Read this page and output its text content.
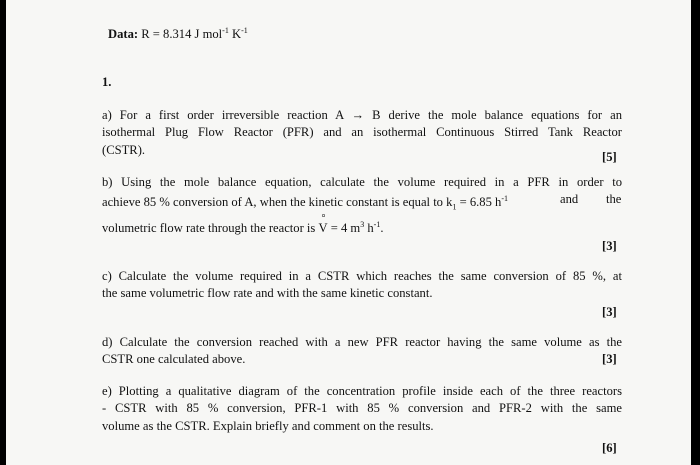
Data: R = 8.314 J mol$^{-1}$ $K^{-1}$
1.
a) For a first order irreversible reaction A → B derive the mole balance equations for an
isothermal Plug Flow Reactor (PFR) and an isothermal Continuous Stirred Tank Reactor
(CSTR).	[5]
b) Using the mole balance equation, calculate the volume required in a PFR in order to
achieve 85 % conversion of A, when the kinetic constant is equal to $k_1 = 6.85$ $h^{-1}$	and the
volumetric flow rate through the reactor is ° V = 4 $m^3$ $h^{-1}$.
[3]
c) Calculate the volume required in a CSTR which reaches the same conversion of 85 %, at
the same volumetric flow rate and with the same kinetic constant.
[3]
d) Calculate the conversion reached with a new PFR reactor having the same volume as the
CSTR one calculated above.	[3]
e) Plotting a qualitative diagram of the concentration profile inside each of the three reactors
- CSTR with 85 % conversion, PFR-1 with 85 % conversion and PFR-2 with the same
volume as the CSTR. Explain briefly and comment on the results.
[6]
